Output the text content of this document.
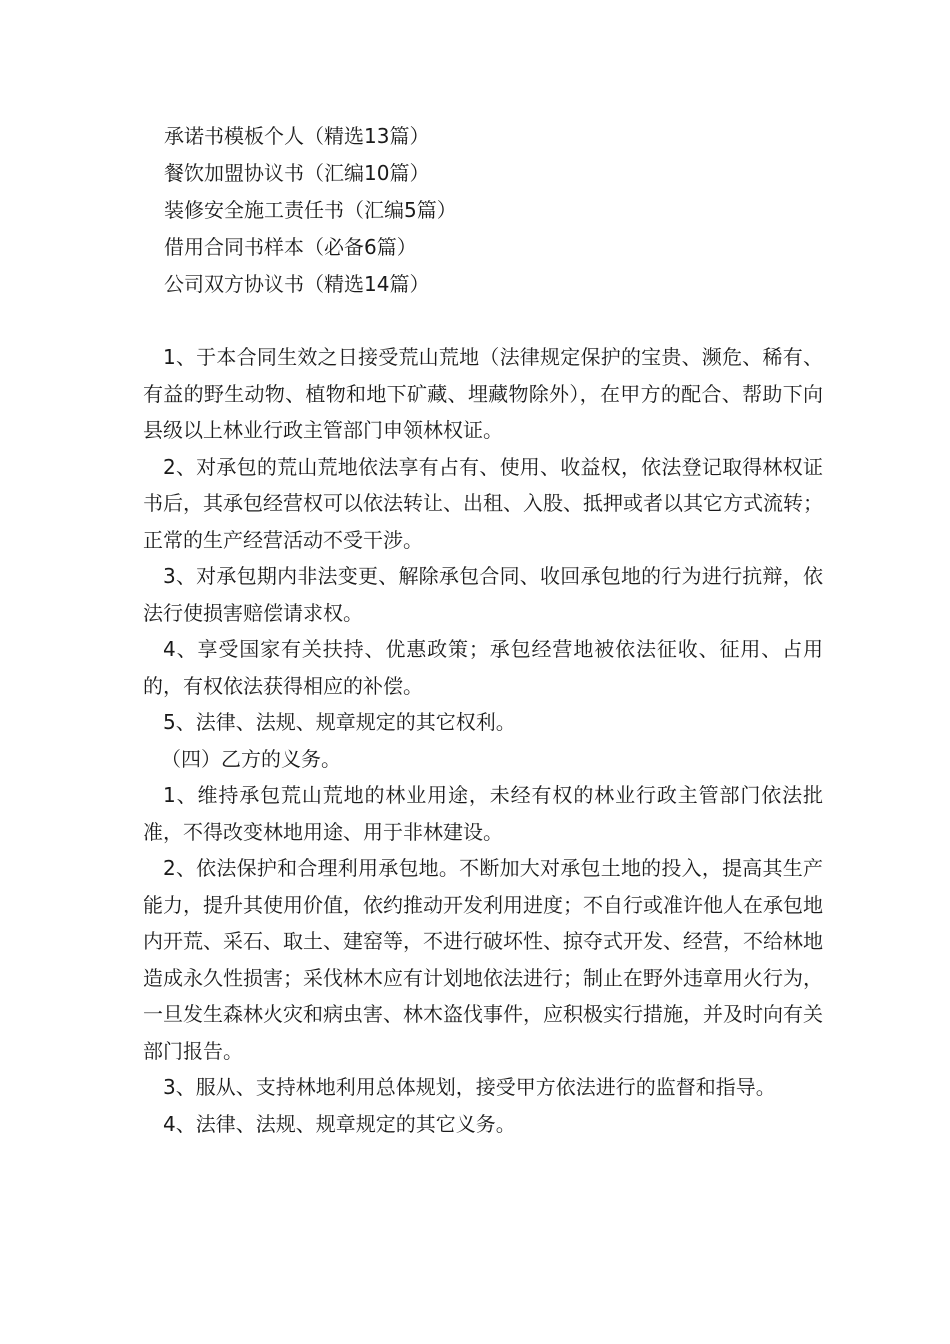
承诺书模板个人（精选13篇）
餐饮加盟协议书（汇编10篇）
装修安全施工责任书（汇编5篇）
借用合同书样本（必备6篇）
公司双方协议书（精选14篇）

1、于本合同生效之日接受荒山荒地（法律规定保护的宝贵、濒危、稀有、有益的野生动物、植物和地下矿藏、埋藏物除外），在甲方的配合、帮助下向县级以上林业行政主管部门申领林权证。

2、对承包的荒山荒地依法享有占有、使用、收益权，依法登记取得林权证书后，其承包经营权可以依法转让、出租、入股、抵押或者以其它方式流转；正常的生产经营活动不受干涉。

3、对承包期内非法变更、解除承包合同、收回承包地的行为进行抗辩，依法行使损害赔偿请求权。

4、享受国家有关扶持、优惠政策；承包经营地被依法征收、征用、占用的，有权依法获得相应的补偿。

5、法律、法规、规章规定的其它权利。

（四）乙方的义务。

1、维持承包荒山荒地的林业用途，未经有权的林业行政主管部门依法批准，不得改变林地用途、用于非林建设。

2、依法保护和合理利用承包地。不断加大对承包土地的投入，提高其生产能力，提升其使用价值，依约推动开发利用进度；不自行或准许他人在承包地内开荒、采石、取土、建窑等，不进行破坏性、掠夺式开发、经营，不给林地造成永久性损害；采伐林木应有计划地依法进行；制止在野外违章用火行为，一旦发生森林火灾和病虫害、林木盗伐事件，应积极实行措施，并及时向有关部门报告。

3、服从、支持林地利用总体规划，接受甲方依法进行的监督和指导。

4、法律、法规、规章规定的其它义务。
